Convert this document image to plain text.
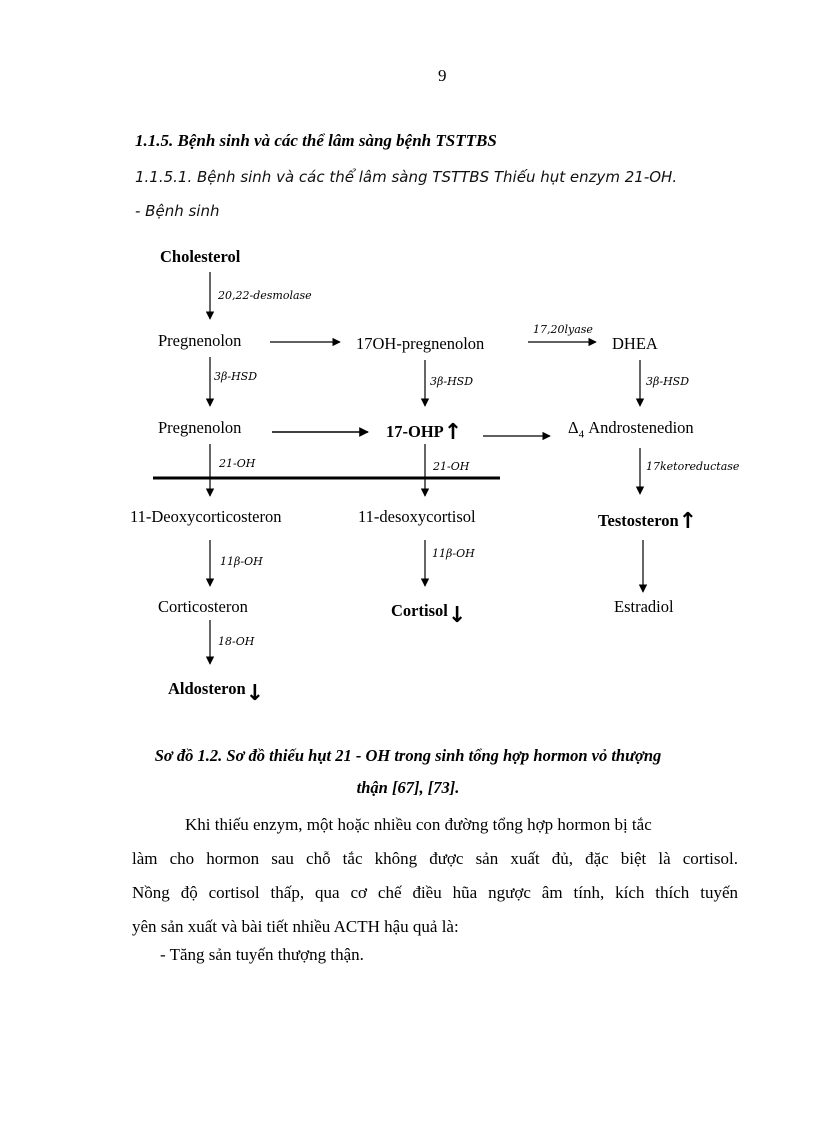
9
1.1.5. Bệnh sinh và các thể lâm sàng bệnh TSTTBS
1.1.5.1. Bệnh sinh và các thể lâm sàng TSTTBS Thiếu hụt enzym 21-OH.
- Bệnh sinh
Cholesterol
Pregnenolon	17OH-pregnenolon	DHEA
Pregnenolon	17-OHP↑	$\Delta_4$ Androstenedion
11-Deoxycorticosteron	11-desoxycortisol	Testosteron↑
Corticosteron	Cortisol↓	Estradiol
Aldosteron↓
20,22-desmolase
17,20lyase
3β-HSD	3β-HSD	3β-HSD
21-OH	21-OH	17ketoreductase
11β-OH
11β-OH
18-OH
Sơ đồ 1.2. Sơ đồ thiếu hụt 21 - OH trong sinh tổng hợp hormon vỏ thượng
thận [67], [73].
Khi thiếu enzym, một hoặc nhiều con đường tổng hợp hormon bị tắc
làm cho hormon sau chỗ tắc không được sản xuất đủ, đặc biệt là cortisol.
Nồng độ cortisol thấp, qua cơ chế điều hũa ngược âm tính, kích thích tuyến
yên sản xuất và bài tiết nhiều ACTH hậu quả là:
- Tăng sản tuyến thượng thận.
